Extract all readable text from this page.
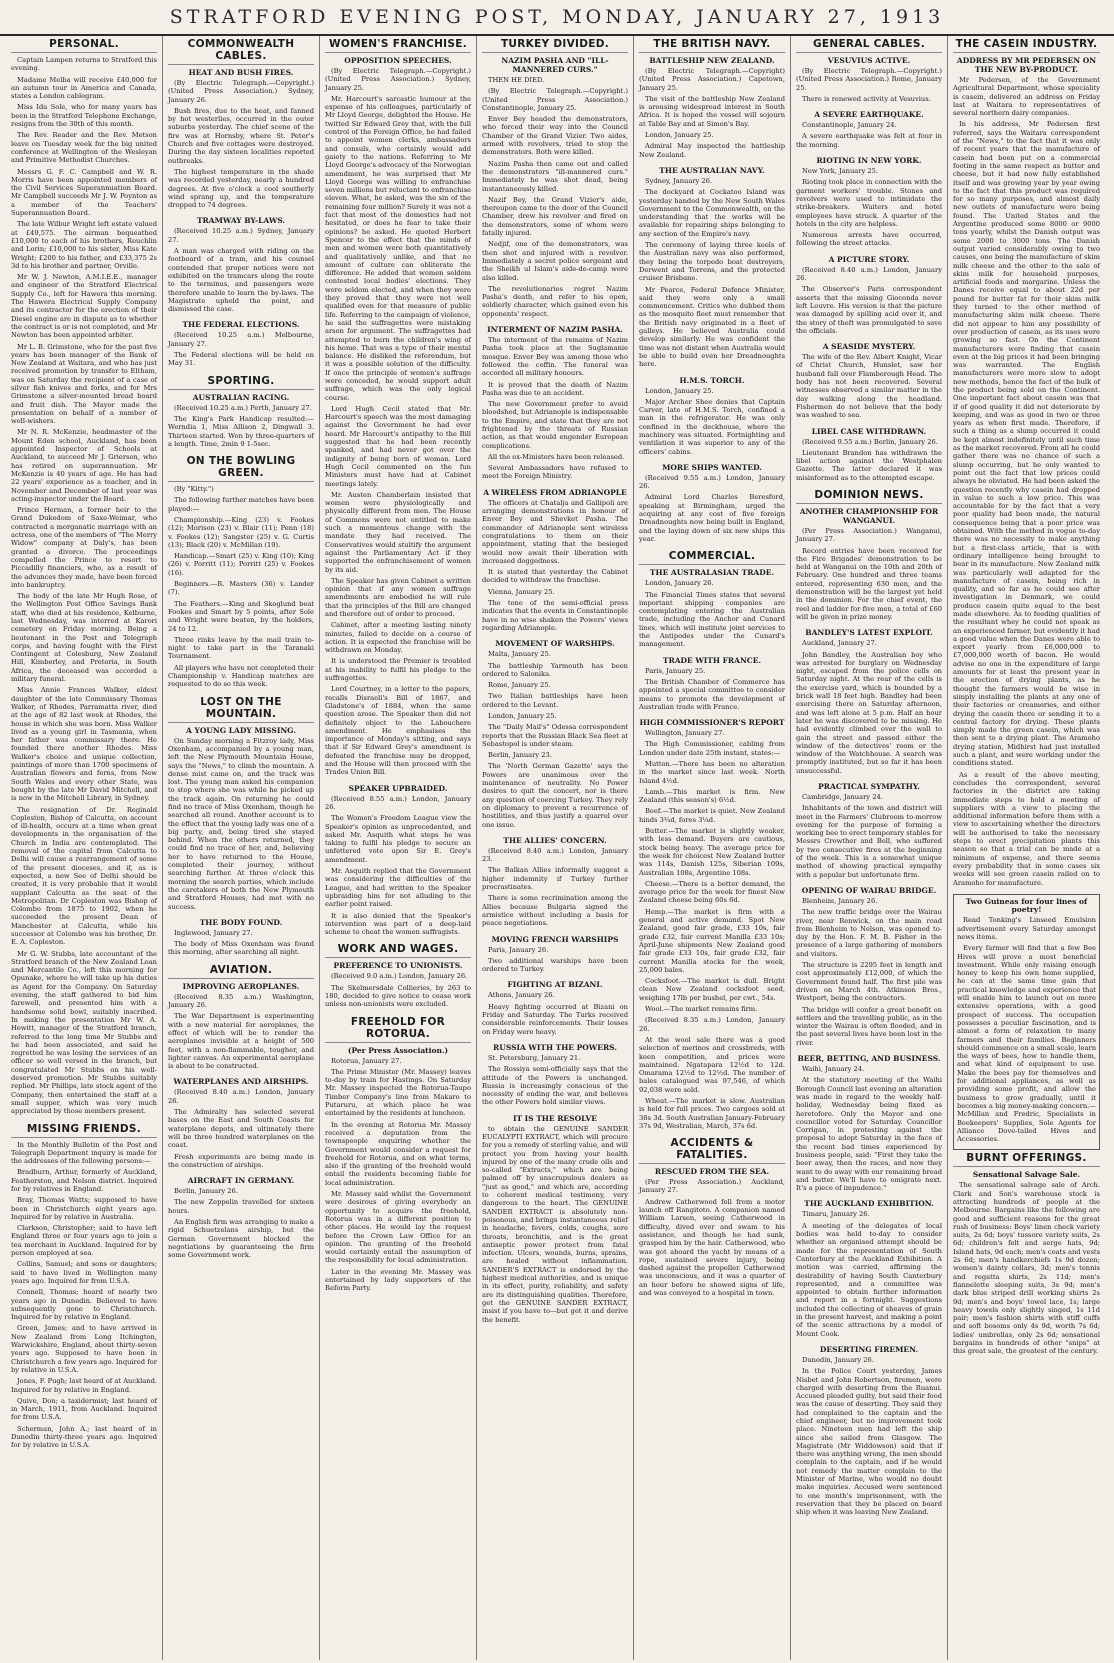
STRATFORD EVENING POST, MONDAY, JANUARY 27, 1913
PERSONAL.

Captain Lampen returns to Stratford this evening.

Madame Melba will receive £40,000 for an autumn tour in America and Canada, states a London cablegram.

Miss Ida Sole, who for many years has been in the Stratford Telephone Exchange, resigns from the 30th of this month.

The Rev. Reader and the Rev. Metson leave on Tuesday week for the big united conference at Wellington of the Wesleyan and Primitive Methodist Churches.

Messrs G. F. C. Campbell and W. R. Morris have been appointed members of the Civil Services Superannuation Board. Mr Campbell succeeds Mr J. W. Poynton as a member of the Teachers' Superannuation Board.

The late Wilbur Wright left estate valued at £49,575. The airman bequeathed £10,000 to each of his brothers, Reuchlin and Lorin; £10,000 to his sister, Miss Kate Wright; £200 to his father, and £33,375 2s 3d to his brother and partner, Orville.

Mr W. J. Newton, A.M.I.E.E., manager and engineer of the Stratford Electrical Supply Co., left for Hawera this morning. The Hawera Electrical Supply Company and its contractor for the erection of their Diesel engine are in dispute as to whether the contract is or is not completed, and Mr Newton has been appointed arbiter.

Mr L. B. Grimstone, who for the past five years has been manager of the Bank of New Zealand at Waitara, and who has just received promotion by transfer to Eltham, was on Saturday the recipient of a case of silver fish knives and forks, and for Mrs Grimstone a silver-mounted bread board and fruit dish. The Mayor made the presentation on behalf of a number of well-wishers.

Mr N. R. McKenzie, headmaster of the Mount Eden school, Auckland, has been appointed Inspector of Schools at Auckland, to succeed Mr J. Grierson, who has retired on superannuation. Mr McKenzie is 40 years of age. He has had 22 years' experience as a teacher, and in November and December of last year was acting-inspector under the Board.

Prince Herman, a former heir to the Grand Dukedom of Saxe-Weimar, who contracted a morganatic marriage with an actress, one of the members of "The Merry Widow" company at Daly's, has been granted a divorce. The proceedings compelled the Prince to resort to Piccadilly financiers, who, as a result of the advances they made, have been forced into bankruptcy.

The body of the late Mr Hugh Rose, of the Wellington Post Office Savings Bank staff, who died at his residence, Kelburne, last Wednesday, was interred at Karori cemetery on Friday morning. Being a lieutenant in the Post and Telegraph corps, and having fought with the First Contingent at Colesburg, New Zealand Hill, Kimberley, and Pretoria, in South Africa, the deceased was accorded a military funeral.

Miss Annie Frances Walker, eldest daughter of the late Commissary Thomas Walker, of Rhodes, Parramatta river, died at the age of 82 last week at Rhodes, the house in which she was born. Miss Walker lived as a young girl in Tasmania, when her father was commissary there. He founded there another Rhodes. Miss Walker's choice and unique collection, paintings of more than 1700 specimens of Australian flowers and ferns, from New South Wales and every other State, was bought by the late Mr David Mitchell, and is now in the Mitchell Library, in Sydney.

The resignation of Dr. Reginald Copleston, Bishop of Calcutta, on account of ill-health, occurs at a time when great developments in the organisation of the Church in India are contemplated. The removal of the capital from Calcutta to Delhi will cause a rearrangement of some of the present dioceses, and if, as is expected, a new See of Delhi should be created, it is very probable that it would supplant Calcutta as the seat of the Metropolitan. Dr Copleston was Bishop of Colombo from 1875 to 1902, when he succeeded the present Dean of Manchester at Calcutta, while his successor at Colombo was his brother, Dr. E. A. Copleston.

Mr G. W. Stubbs, late accountant of the Stratford branch of the New Zealand Loan and Mercantile Co., left this morning for Opunake, where he will take up his duties as Agent for the Company. On Saturday evening, the staff gathered to bid him farewell, and presented him with a handsome solid bowl, suitably inscribed. In making the presentation Mr W. A. Hewitt, manager of the Stratford branch, referred to the long time Mr Stubbs and he had been associated, and said he regretted he was losing the services of an officer so well versed in the branch, but congratulated Mr Stubbs on his well-deserved promotion. Mr Stubbs suitably replied. Mr Phillips, late stock agent of the Company, then entertained the staff at a small supper, which was very much appreciated by those members present.

MISSING FRIENDS.

In the Monthly Bulletin of the Post and Telegraph Department inquiry is made for the addresses of the following persons:—

Bradburn, Arthur, formerly of Auckland, Featherston, and Nelson district. Inquired for by relatives in England.

Bray, Thomas Watts; supposed to have been in Christchurch eight years ago. Inquired for by relative in Australia.

Clarkson, Christopher; said to have left England three or four years ago to join a tea merchant in Auckland. Inquired for by person employed at sea.

Collins, Samuel; and sons or daughters; said to have lived in Wellington many years ago. Inquired for from U.S.A.

Connell, Thomas; heard of nearly two years ago in Dunedin. Believed to have subsequently gone to Christchurch. Inquired for by relative in England.

Green, James; and to have arrived in New Zealand from Long Itchington, Warwickshire, England, about thirty-seven years ago. Supposed to have been in Christchurch a few years ago. Inquired for by relative in U.S.A.

Jones, F. Pugh; last heard of at Auckland. Inquired for by relative in England.

Quive, Don; a taxidermist; last heard of in March, 1911, from Auckland. Inquired for from U.S.A.

Scherman, John A.; last heard of in Dunedin thirty-three years ago. Inquired for by relative in U.S.A.

COMMONWEALTH CABLES.
HEAT AND BUSH FIRES.

(By Electric Telegraph.—Copyright.) (United Press Association.) Sydney, January 26.

Bush fires, due to the heat, and fanned by hot westerlies, occurred in the outer suburbs yesterday. The chief scene of the fire was at Hornsby, where St. Peter's Church and five cottages were destroyed. During the day sixteen localities reported outbreaks.

The highest temperature in the shade was recorded yesterday, nearly a hundred degrees. At five o'clock a cool southerly wind sprang up, and the temperature dropped to 74 degrees.

TRAMWAY BY-LAWS.

(Received 10.25 a.m.) Sydney, January 27.

A man was charged with riding on the footboard of a tram, and his counsel contended that proper notices were not exhibited on the tramcars along the route to the terminus, and passengers were therefore unable to learn the by-laws. The Magistrate upheld the point, and dismissed the case.

THE FEDERAL ELECTIONS.

(Received 10.25 a.m.) Melbourne, January 27.

The Federal elections will be held on May 31.

SPORTING.
AUSTRALIAN RACING.

(Received 10.25 a.m.) Perth, January 27.

The King's Park Handicap resulted:— Werndia 1, Miss Allison 2, Dingwall 3. Thirteen started. Won by three-quarters of a length. Time, 2min 9 1-5sec.

ON THE BOWLING GREEN.

(By "Kitty.")

The following further matches have been played:—

Championship.—King (23) v. Fookes (12); Morison (23) v. Blair (11); Penn (18) v. Fookes (12); Sangster (25) v. G. Curtis (13); Black (20) v. McMillan (19).

Handicap.—Smart (25) v. King (10); King (26) v. Porritt (11); Porritt (25) v. Fookes (16).

Beginners.—R. Masters (36) v. Lander (7).

The Feathers.—King and Skoglund beat Fookes and Smart by 5 points, after Sole and Wright were beaten, by the holders, 24 to 12.

Three rinks leave by the mail train to-night to take part in the Taranaki Tournament.

All players who have not completed their Championship v. Handicap matches are requested to do so this week.

LOST ON THE MOUNTAIN.
A YOUNG LADY MISSING.

On Sunday morning a Fitzroy lady, Miss Oxenham, accompanied by a young man, left the New Plymouth Mountain House, says the "News," to climb the mountain. A dense mist came on, and the track was lost. The young man asked his companion to stop where she was while he picked up the track again. On returning he could find no trace of Miss Oxenham, though he searched all round. Another account is to the effect that the young lady was one of a big party, and, being tired she stayed behind. When the others returned, they could find no trace of her, and, believing her to have returned to the House, completed their journey, without searching further. At three o'clock this morning the search parties, which include the caretakers of both the New Plymouth and Stratford Houses, had met with no success.

THE BODY FOUND.

Inglewood, January 27.

The body of Miss Oxenham was found this morning, after searching all night.

AVIATION.
IMPROVING AEROPLANES.

(Received 8.35 a.m.) Washington, January 26.

The War Department is experimenting with a new material for aeroplanes, the effect of which will be to render the aeroplanes invisible at a height of 500 feet, with a non-flammable, tougher, and lighter canvas. An experimental aeroplane is about to be constructed.

WATERPLANES AND AIRSHIPS.

(Received 8.40 a.m.) London, January 26.

The Admiralty has selected several bases on the East and South Coasts for waterplane depots, and ultimately there will be three hundred waterplanes on the coast.

Fresh experiments are being made in the construction of airships.

AIRCRAFT IN GERMANY.

Berlin, January 26.

The new Zeppelin travelled for sixteen hours.

An English firm was arranging to make a rigid Schuetzelans airship, but the German Government blocked the negotiations by guaranteeing the firm some Government work.

WOMEN'S FRANCHISE.
OPPOSITION SPEECHES.

(By Electric Telegraph.—Copyright.) (United Press Association.) Sydney, January 25.

Mr. Harcourt's sarcastic humour at the expense of his colleagues, particularly of Mr Lloyd George, delighted the House. He twitted Sir Edward Grey that, with the full control of the Foreign Office, he had failed to appoint women clerks, ambassadors and consuls, who certainly would add gaiety to the nations. Referring to Mr Lloyd George's advocacy of the Norwegian amendment, he was surprised that Mr Lloyd George was willing to enfranchise seven millions but reluctant to enfranchise eleven. What, he asked, was the sin of the remaining four million? Surely it was not a fact that most of the domestics had not hesitated, or does he fear to take their opinions? he asked. He quoted Herbert Spencer to the effect that the minds of men and women were both quantitatively and qualitatively unlike, and that no amount of culture can obliterate the difference. He added that women seldom contested local bodies' elections. They were seldom elected, and when they were they proved that they were not well qualified even for that measure of public life. Referring to the campaign of violence, he said the suffragettes were mistaking arson for argument. The suffragettes had attempted to burn the children's wing of his home. That was a type of their mental balance. He disliked the referendum, but it was a possible solution of the difficulty. If once the principle of women's suffrage were conceded, he would support adult suffrage, which was the only logical course.

Lord Hugh Cecil stated that Mr. Harcourt's speech was the most damaging against the Government he had ever heard. Mr Harcourt's antipathy to the Bill suggested that he had been recently spanked, and had never got over the indignity of being born of woman. Lord Hugh Cecil commented on the fun Ministers must have had at Cabinet meetings lately.

Mr. Austen Chamberlain insisted that women were physiologically and physically different from men. The House of Commons were not entitled to make such a momentous change with the mandate they had received. The Conservatives would stultify the argument against the Parliamentary Act if they supported the enfranchisement of women by its aid.

The Speaker has given Cabinet a written opinion that if any women suffrage amendments are embodied he will rule that the principles of the Bill are changed and therefore out of order to proceed.

Cabinet, after a meeting lasting ninety minutes, failed to decide on a course of action. It is expected the franchise will be withdrawn on Monday.

It is understood the Premier is troubled at his inability to fulfil his pledge to the suffragettes.

Lord Courtney, in a letter to the papers, recalls Disraeli's Bill of 1867, and Gladstone's of 1884, when the same question arose. The Speaker then did not definitely object to the Labouchere amendment. He emphasises the importance of Monday's sitting, and says that if Sir Edward Grey's amendment is defeated the franchise may be dropped, and the House will then proceed with the Trades Union Bill.

SPEAKER UPBRAIDED.

(Received 8.55 a.m.) London, January 26.

The Women's Freedom League view the Speaker's opinion as unprecedented, and asked Mr. Asquith what steps he was taking to fulfil his pledge to secure an unfettered vote upon Sir E. Grey's amendment.

Mr. Asquith replied that the Government was considering the difficulties of the League, and had written to the Speaker upbraiding him for not alluding to the earlier point raised.

It is also denied that the Speaker's intervention was part of a deep-laid scheme to cheat the women suffragists.

WORK AND WAGES.
PREFERENCE TO UNIONISTS.

(Received 9.0 a.m.) London, January 26.

The Skelmersdale Collieries, by 263 to 180, decided to give notice to cease work unless non-unionists were excluded.

FREEHOLD FOR ROTORUA.
(Per Press Association.)

Rotorua, January 27.

The Prime Minister (Mr. Massey) leaves to-day by train for Hastings. On Saturday Mr. Massey inspected the Rotorua-Taupo Timber Company's line from Makaro to Putaruru, at which place he was entertained by the residents at luncheon.

In the evening at Rotorua Mr. Massey received a deputation from the townspeople enquiring whether the Government would consider a request for freehold for Rotorua, and on what terms, also if the granting of the freehold would entail the residents becoming liable for local administration.

Mr. Massey said whilst the Government were desirous of giving everybody an opportunity to acquire the freehold, Rotorua was in a different position to other places. He would lay the request before the Crown Law Office for an opinion. The granting of the freehold would certainly entail the assumption of the responsibility for local administration.

Later in the evening Mr. Massey was entertained by lady supporters of the Reform Party.

TURKEY DIVIDED.
NAZIM PASHA AND "ILL-MANNERED CURS."

THEN HE DIED.

(By Electric Telegraph.—Copyright.) (United Press Association.) Constantinople, January 25.

Enver Bey headed the demonstrators, who forced their way into the Council Chamber of the Grand Vizier. Two aides, armed with revolvers, tried to stop the demonstrators. Both were killed.

Nazim Pasha then came out and called the demonstrators "ill-mannered curs." Immediately he was shot dead, being instantaneously killed.

Nazif Bey, the Grand Vizier's aide, thereupon came to the door of the Council Chamber, drew his revolver and fired on the demonstrators, some of whom were fatally injured.

Nedjif, one of the demonstrators, was then shot and injured with a revolver. Immediately a secret police sergeant and the Sheikh ul Islam's aide-de-camp were also killed.

The revolutionaries regret Nazim Pasha's death, and refer to his open, soldierly character, which gained even his opponents' respect.

INTERMENT OF NAZIM PASHA.

The interment of the remains of Nazim Pasha took place at the Suglamanie mosque. Enver Bey was among those who followed the coffin. The funeral was accorded all military honours.

It is proved that the death of Nazim Pasha was due to an accident.

The new Government prefer to avoid bloodshed, but Adrianople is indispensable to the Empire, and state that they are not frightened by the threats of Russian action, as that would engender European complications.

All the ex-Ministers have been released.

Several Ambassadors have refused to meet the Foreign Ministry.

A WIRELESS FROM ADRIANOPLE

The officers at Chatalja and Gallipoli are arranging demonstrations in honour of Enver Bey and Shevket Pasha. The commander of Adrianople sent wireless congratulations to them on their appointment, stating that the besieged would now await their liberation with increased doggedness.

It is stated that yesterday the Cabinet decided to withdraw the franchise.

Vienna, January 25.

The tone of the semi-official press indicates that the events in Constantinople have in no wise shaken the Powers' views regarding Adrianople.

MOVEMENT OF WARSHIPS.

Malta, January 25.

The battleship Yarmouth has been ordered to Salonika.

Rome, January 25.

Two Italian battleships have been ordered to the Levant.

London, January 25.

The "Daily Mail's" Odessa correspondent reports that the Russian Black Sea fleet at Sebastopol is under steam.

Berlin, January 23.

The 'North German Gazette' says the Powers are unanimous over the maintenance of neutrality. No Power desires to quit the concert, nor is there any question of coercing Turkey. They rely on diplomacy to prevent a recurrence of hostilities, and thus justify a quarrel over one issue.

THE ALLIES' CONCERN.

(Received 8.40 a.m.) London, January 23.

The Balkan Allies informally suggest a higher indemnity if Turkey further procrastinates.

There is some recrimination among the Allies because Bulgaria signed the armistice without including a basis for peace negotiations.

MOVING FRENCH WARSHIPS

Paris, January 26.

Two additional warships have been ordered to Turkey.

FIGHTING AT BIZANI.

Athens, January 26.

Heavy fighting occurred at Bizani on Friday and Saturday. The Turks received considerable reinforcements. Their losses on Friday were heavy.

RUSSIA WITH THE POWERS.

St. Petersburg, January 21.

The Rossiya semi-officially says that the attitude of the Powers is unchanged. Russia is increasingly conscious of the necessity of ending the war, and believes the other Powers hold similar views.

IT IS THE RESOLVE

to obtain the GENUINE SANDER EUCALYPTI EXTRACT, which will procure for you a remedy of sterling value, and will protect you from having your health injured by one of the many crude oils and so-called "Extracts," which are being palmed off by unscrupulous dealers as "just as good," and which are, according to coherent medical testimony, very dangerous to the heart. The GENUINE SANDER EXTRACT is absolutely non-poisonous, and brings instantaneous relief in headache, fevers, colds, coughs, sore throats, bronchitis, and is the great antiseptic power protect from fatal infection. Ulcers, wounds, burns, sprains, are healed without inflammation. SANDER'S EXTRACT is endorsed by the highest medical authorities, and is unique in its effect, purity, reliability, and safety are its distinguishing qualities. Therefore, get the GENUINE SANDER EXTRACT, insist if you have to—but get it and derive the benefit.

THE BRITISH NAVY.
BATTLESHIP NEW ZEALAND.

(By Electric Telegraph.—Copyright) (United Press Association.) Capetown, January 25.

The visit of the battleship New Zealand is arousing widespread interest in South Africa. It is hoped the vessel will sojourn at Table Bay and at Simon's Bay.

London, January 25.

Admiral May inspected the battleship New Zealand.

THE AUSTRALIAN NAVY.

Sydney, January 26.

The dockyard at Cockatoo Island was yesterday handed by the New South Wales Government to the Commonwealth, on the understanding that the works will be available for repairing ships belonging to any section of the Empire's navy.

The ceremony of laying three keels of the Australian navy was also performed, they being the torpedo boat destroyers, Derwent and Torrens, and the protected cruiser Brisbane.

Mr Pearce, Federal Defence Minister, said they were only a small commencement. Critics who dubbed them as the mosquito fleet must remember that the British navy originated in a fleet of galleys. He believed Australia could develop similarly. He was confident the time was not distant when Australia would be able to build even her Dreadnoughts here.

H.M.S. TORCH.

London, January 25.

Major Archer Shee denies that Captain Carver, late of H.M.S. Torch, confined a man in the refrigerator. He was only confined in the deckhouse, where the machinery was situated. Fortnighting and ventilation it was superior to any of the officers' cabins.

MORE SHIPS WANTED.

(Received 9.55 a.m.) London, January 26.

Admiral Lord Charles Beresford, speaking at Birmingham, urged the acquiring at any cost of five foreign Dreadnoughts now being built in England, and the laying down of six new ships this year.

COMMERCIAL.
THE AUSTRALASIAN TRADE.

London, January 26.

The Financial Times states that several important shipping companies are contemplating entering the Australian trade, including the Anchor and Cunard lines, which will institute joint services to the Antipodes under the Cunard's management.

TRADE WITH FRANCE.

Paris, January 25.

The British Chamber of Commerce has appointed a special committee to consider means to promote the development of Australian trade with France.

HIGH COMMISSIONER'S REPORT

Wellington, January 27.

The High Commissioner, cabling from London under date 25th instant, states:—

Mutton.—There has been no alteration in the market since last week. North Island 4½d.

Lamb.—This market is firm. New Zealand (this season's) 6½d.

Beef.—The market is quiet. New Zealand hinds 3¾d, fores 3¼d.

Butter.—The market is slightly weaker, with less demand. Buyers are cautious, stock being heavy. The average price for the week for choicest New Zealand butter was 114s, Danish 125s, Siberian 109s, Australian 108s, Argentine 108s.

Cheese.—There is a better demand, the average price for the week for finest New Zealand cheese being 60s 6d.

Hemp.—The market is firm with a general and active demand. Spot New Zealand, good fair grade, £33 10s, fair grade £32, fair current Manilla £33 10s; April-June shipments New Zealand good fair grade £33 10s, fair grade £32, fair current Manilla stocks for the week, 25,000 bales.

Cocksfoot.—The market is dull. Bright clean New Zealand cocksfoot seed, weighing 17lb per bushel, per cwt., 54s.

Wool.—The market remains firm.

(Received 8.35 a.m.) London, January 26.

At the wool sale there was a good selection of merinos and crossbreds, with keen competition, and prices were maintained. Ngatapara 12½d to 12d. Omarama 12½d to 12½d. The number of bales catalogued was 97,546, of which 92,038 were sold.

Wheat.—The market is slow. Australian is held for full prices. Two cargoes sold at 38s 3d. South Australian January-February 37s 9d, Westralian, March, 37s 6d.

ACCIDENTS & FATALITIES.
RESCUED FROM THE SEA.

(Per Press Association.) Auckland, January 27.

Andrew Catherwood fell from a motor launch off Rangitoto. A companion named William Larsen, seeing Catherwood in difficulty, dived over and swam to his assistance, and though he had sunk, grasped him by the hair. Catherwood, who was got aboard the yacht by means of a rope, sustained severe injury, being dashed against the propeller. Catherwood was unconscious, and it was a quarter of an hour before he showed signs of life, and was conveyed to a hospital in town.

GENERAL CABLES.
VESUVIUS ACTIVE.

(By Electric Telegraph.—Copyright.) (United Press Association.) Rome, January 25.

There is renewed activity at Vesuvius.

A SEVERE EARTHQUAKE.

Constantinople, January 24.

A severe earthquake was felt at four in the morning.

RIOTING IN NEW YORK.

New York, January 25.

Rioting took place in connection with the garment workers' trouble. Stones and revolvers were used to intimidate the strike-breakers. Waiters and hotel employees have struck. A quarter of the hotels in the city are helpless.

Numerous arrests have occurred, following the street attacks.

A PICTURE STORY.

(Received 8.40 a.m.) London, January 26.

The Observer's Paris correspondent asserts that the missing Gioconda never left Louvre. His version is that the picture was damaged by spilling acid over it, and the story of theft was promulgated to save the officials.

A SEASIDE MYSTERY.

The wife of the Rev. Albert Knight, Vicar of Christ Church, Hunslet, saw her husband fall over Flamborough Head. The body has not been recovered. Several witnesses observed a similar matter in the day walking along the headland. Fishermen do not believe that the body was washed to sea.

LIBEL CASE WITHDRAWN.

(Received 9.55 a.m.) Berlin, January 26.

Lieutenant Brandon has withdrawn the libel action against the Westphalen Gazette. The latter declared it was misinformed as to the attempted escape.

DOMINION NEWS.
ANOTHER CHAMPIONSHIP FOR WANGANUI.

(Per Press Association.) Wanganui, January 27.

Record entries have been received for the Fire Brigades' demonstration to be held at Wanganui on the 10th and 20th of February. One hundred and three teams entered, representing 630 men, and the demonstration will be the largest yet held in the dominion. For the chief event, the reel and ladder for five men, a total of £60 will be given in prize money.

BANDLEY'S LATEST EXPLOIT.

Auckland, January 27.

John Bandley, the Australian boy who was arrested for burglary on Wednesday night, escaped from the police cells on Saturday night. At the rear of the cells is the exercise yard, which is bounded by a brick wall 18 feet high. Bandley had been exercising there on Saturday afternoon, and was left alone at 5 p.m. Half an hour later he was discovered to be missing. He had evidently climbed over the wall to gain the street and passed either the window of the detectives' room or the window of the Watchhouse. A search was promptly instituted, but so far it has been unsuccessful.

PRACTICAL SYMPATHY.

Cambridge, January 24.

Inhabitants of the town and district will meet in the Farmers' Clubroom to-morrow evening for the purpose of forming a working bee to erect temporary stables for Messrs Crowther and Bell, who suffered by two consecutive fires at the beginning of the week. This is a somewhat unique method of showing practical sympathy with a popular but unfortunate firm.

OPENING OF WAIRAU BRIDGE.

Blenheim, January 26.

The new traffic bridge over the Wairau river, near Renwick, on the main road from Blenheim to Nelson, was opened to-day by the Hon. F. M. B. Fisher in the presence of a large gathering of members and visitors.

The structure is 2295 feet in length and cost approximately £12,000, of which the Government found half. The first pile was driven on March 4th. Atkinson Bros., Westport, being the contractors.

The bridge will confer a great benefit on settlers and the travelling public, as in the winter the Wairau is often flooded, and in the past several lives have been lost in the river.

BEER, BETTING, AND BUSINESS.

Waihi, January 24.

At the statutory meeting of the Waihi Borough Council last evening an alteration was made in regard to the weekly half-holiday, Wednesday being fixed as heretofore. Only the Mayor and one councillor voted for Saturday. Councillor Corrigan, in protesting against the proposal to adopt Saturday in the face of the recent bad times experienced by business people, said: "First they take the beer away, then the races, and now they want to do away with our remaining bread and butter. We'll have to emigrate next. It's a piece of impudence."

THE AUCKLAND EXHIBITION.

Timaru, January 26.

A meeting of the delegates of local bodies was held to-day to consider whether an organised attempt should be made for the representation of South Canterbury at the Auckland Exhibition. A motion was carried, affirming the desirability of having South Canterbury represented, and a committee was appointed to obtain further information and report in a fortnight. Suggestions included the collecting of sheaves of grain in the present harvest, and making a point of the scenic attractions by a model of Mount Cook.

DESERTING FIREMEN.

Dunedin, January 26.

In the Police Court yesterday, James Nisbet and John Robertson, firemen, were charged with deserting from the Ruanui. Accused pleaded guilty, but said their food was the cause of deserting. They said they had complained to the captain and the chief engineer, but no improvement took place. Nineteen men had left the ship since she sailed from Glasgow. The Magistrate (Mr Widdowson) said that if there was anything wrong, the men should complain to the captain, and if he would not remedy the matter complain to the Minister of Marine, who would no doubt make inquiries. Accused were sentenced to one month's imprisonment, with the reservation that they be placed on board ship when it was leaving New Zealand.

THE CASEIN INDUSTRY.
ADDRESS BY MR PEDERSEN ON THE NEW BY-PRODUCT.

Mr Pedersen, of the Government Agricultural Department, whose speciality is casein, delivered an address on Friday last at Waitara to representatives of several northern dairy companies.

In his address, Mr Pedersen first referred, says the Waitara correspondent of the "News," to the fact that it was only of recent years that the manufacture of casein had been put on a commercial footing in the same respect as butter and cheese, but it had now fully established itself and was growing year by year owing to the fact that this product was required for so many purposes, and almost daily new outlets of manufacture were being found. The United States and the Argentine produced some 8000 or 9000 tons yearly, whilst the Danish output was some 2000 to 3000 tons. The Danish output varied considerably owing to two causes, one being the manufacture of skim milk cheese and the other to the sale of skim milk for household purposes, artificial foods and margarine. Unless the Danes receive equal to about 22d per pound for butter fat for their skim milk they turned to the other method of manufacturing skim milk cheese. There did not appear to him any possibility of over production of casein, as its uses were growing so fast. On the Continent manufacturers were finding that casein even at the big prices it had been bringing was warranted. The English manufacturers were more slow to adopt new methods, hence the fact of the bulk of the product being sold on the Continent. One important fact about casein was that if of good quality it did not deteriorate by keeping, and was as good in two or three years as when first made. Therefore, if such a thing as a slump occurred it could be kept almost indefinitely until such time as the market recovered. From all he could gather there was no chance of such a slump occurring, but he only wanted to point out the fact that low prices could always be obviated. He had been asked the question recently why casein had dropped in value to such a low price. This was accountable for by the fact that a very poor quality had been made, the natural consequence being that a poor price was obtained. With the method in vogue to-day there was no necessity to make anything but a first-class article, that is with ordinary intelligence being brought to bear in its manufacture. New Zealand milk was particularly well adapted for the manufacture of casein, being rich in quality, and so far as he could see after investigation in Denmark, we could produce casein quite equal to the best made elsewhere. As to feeding qualities of the resultant whey he could not speak as an experienced farmer, but evidently it had a good value when the Danes were able to export yearly from £6,000,000 to £7,000,000 worth of bacon. He would advise no one in the expenditure of large amounts for at least the present year in the erection of drying plants, as he thought the farmers would be wise in simply installing the plants at any one of their factories or creameries, and either drying the casein there or sending it to a central factory for drying. These plants simply made the green casein, which was then sent to a drying plant. The Aramoho drying station, Midhirst had just installed such a plant, and were working under the conditions stated.

As a result of the above meeting, concludes the correspondent, several factories in the district are taking immediate steps to hold a meeting of suppliers with a view to placing the additional information before them with a view to ascertaining whether the directors will be authorised to take the necessary steps to erect precipitation plants this season so that a trial can be made at a minimum of expense, and there seems every probability that in some cases six weeks will see green casein railed on to Aramoho for manufacture.

Two Guineas for four lines of poetry!

Read Tonking's Linseed Emulsion advertisement every Saturday amongst news items.

Every farmer will find that a few Bee Hives will prove a most beneficial investment. While only raising enough honey to keep his own home supplied, he can at the same time gain that practical knowledge and experience that will enable him to launch out on more extensive operations, with a good prospect of success. The occupation possesses a peculiar fascination, and is almost a form of relaxation to many farmers and their families. Beginners should commence on a small scale, learn the ways of bees, how to handle them, and what kind of equipment to use. Make the bees pay for themselves and for additional appliances, as well as providing some profit, and allow the business to grow gradually, until it becomes a big money-making concern.—McMillan and Fredric, Specialists in Beekeepers' Supplies, Sole Agents for Alliance Dove-tailed Hives and Accessories.

BURNT OFFERINGS.
Sensational Salvage Sale.

The sensational salvage sale of Arch. Clark and Son's warehouse stock is attracting hundreds of people at the Melbourne. Bargains like the following are good and sufficient reasons for the great rush of business: Boys' linen check variety suits, 2s 6d; boys' tussore variety suits, 2s 6d; children's felt and serge hats, 9d; Island hats, 9d each; men's coats and vests 2s 6d; men's handkerchiefs 1s 9d dozen; women's dainty collars, 3d; men's tennis and regatta shirts, 2s 11d; men's flannelette sleeping suits, 3s 9d; men's dark blue striped drill working shirts 2s 9d; men's and boys' towel lace, 1s; large heavy towels only slightly singed, 1s 11d pair; men's fashion shirts with stiff cuffs and soft bosoms only 4s 9d, worth 7s 6d; ladies' umbrellas, only 2s 6d; sensational bargains in hundreds of other "snips" at this great sale, the greatest of the century.
